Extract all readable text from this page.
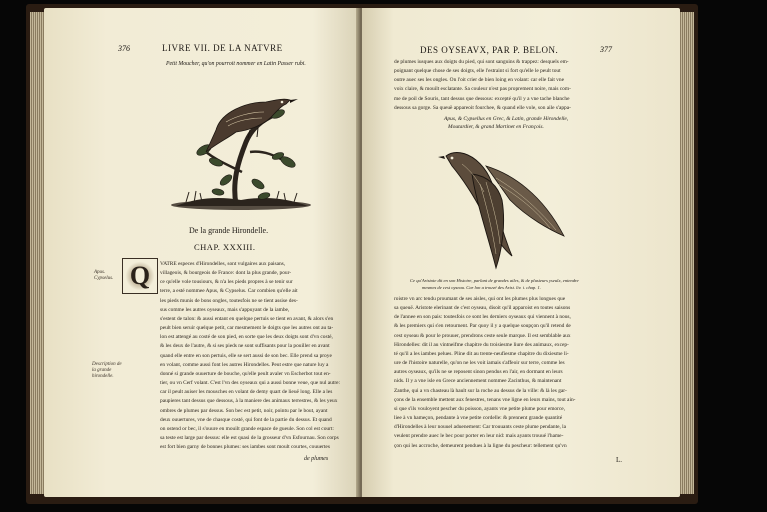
376	LIVRE VII. DE LA NATVRE
Petit Moucher, qu'on pourroit nommer en Latin Passer rubi.
De la grande Hirondelle.
CHAP. XXXIII.
Apus. Cypselus.
Description de la grande hirondelle.
Q	VATRE especes d'Hirondelles, sont vulgaires aux paisans,
villageois, & bourgeois de France: dont la plus grande, pour-
ce qu'elle vole tousiours, & n'a les pieds propres à se tenir sur
terre, a esté nommee Apus, & Cypselus. Car combien qu'elle ait
les pieds munis de bons ongles, toutesfois ne se tient assise des-
sus comme les autres oyseaux, mais s'appuyant de la iambe,
s'estent de talon: & aussi entant en quelque pertuis se tient en avant, & alors s'en
peult bien seruir quelque petit, car mesmement le doigts que les autres ont au ta-
lon est attengé au costé de son pied, en sorte que les deux doigts sont d'vn costé,
& les deux de l'autre, & si ses pieds ne sont suffisants pour la pouiller en avant
quand elle entre en son pertuis, elle se sert aussi de son bec. Elle prend sa proye
en volant, comme aussi font les autres Hirondelles. Peut estre que nature luy a
donné si grande ouuerture de bouche, qu'elle peult avaler vn Escherbot tout en-
tier, ou vn Cerf volant. C'est l'vn des oyseaux qui a aussi bonne veue, que nul autre:
car il peult auiser les mousches en volant de demy quart de lieuë long. Elle a les
paupieres tant dessus que dessous, à la maniere des animaux terrestres, & les yeux
ombres de plumes par dessus. Son bec est petit, noir, pointu par le bout, ayant
deux ouuertures, vne de chasque costé, qui font de la partie du dessus. Et quand
on ostend or bec, il s'ouure en mouilt grande espace de gueule. Son col est court:
sa teste est large par dessus: elle est quasi de la grosseur d'vn Esfournau. Son corps
est fort bien garny de bonnes plumes: ses iambes sont moult courtes, couuertes
de plumes
DES OYSEAVX, PAR P. BELON.	377
de plumes iusques aux doigts du pied, qui sont sanguins & trappez: desquels em-
poignant quelque chose de ses doigts, elle l'estraint si fort qu'elle le peult tout
outre auec ses les ongles. On l'oit crier de bien loing en volant: car elle fait vne
voix claire, & mouilt esclatante. Sa couleur n'est pas proprement noire, mais com-
me de poil de Souris, tant dessus que dessous: excepté qu'il y a vne tache blanche
dessous sa gorge. Sa queuë appareoit fourchee, & quand elle vole, son aile s'appa-
Apus, & Cypsellus en Grec, & Latin, grande Hirondelle,
Moutardier, & grand Martinet en François.
Ce qu'Aristote dit en son Histoire, parlant de grandes ailes, & de plusieurs yseulx, entendre
mesmes de cest oyseau. Car lon a trouvé des Arist. liv. i. chap. 1.
roistre vn arc tendu proumant de ses aisles, qui ont les plumes plus longues que
sa queuë. Aristote elerinant de c'est oyseau, disoit qu'il apparoist en toutes saisons
de l'annee en son pais: toutesfois ce sont les derniers oyseaux qui viennent à nous,
& les premiers qui s'en retournent. Par quoy il y a quelque soupçon qu'il retend de
cest oyseau & pour le prouuer, prendrons ceste seule marque. Il est semblable aux
Hirondelles: dit il au vintneifme chapitre du troisiesme liure des animaux, excep-
té qu'il a les iambes pelues. Pline dit au trente-neufiesme chapitre du dixiesme li-
ure de l'histoire naturelle, qu'on ne les voit iamais s'affeoir sur terre, comme les
autres oyseaux, qu'ils ne se reposent sinon pendus en l'air, en dormant en leurs
nids. Il y a vne isle en Grece anciennement nommee Zacinthus, & maintenant
Zanthe, qui a vn chasteau là hault sur la roche au dessus de la ville: & là les gar-
çons de la ensemble mettent aux fenestres, tenans vne ligne en leurs mains, tout ain-
si que s'ils vouloyent pescher du poisson, ayants vne petite plume pour emorce,
liee à vn hameçon, pendante à vne petite cordelle: & prennent grande quantité
d'Hirondelles à leur nouuel aduenement: Car trouuants ceste plume pendante, la
veulent prendre auec le bec pour porter en leur nid: mais ayants trouué l'hame-
çon qui les accroche, demeurent pendues à la ligne du pescheur: tellement qu'vn
L.
